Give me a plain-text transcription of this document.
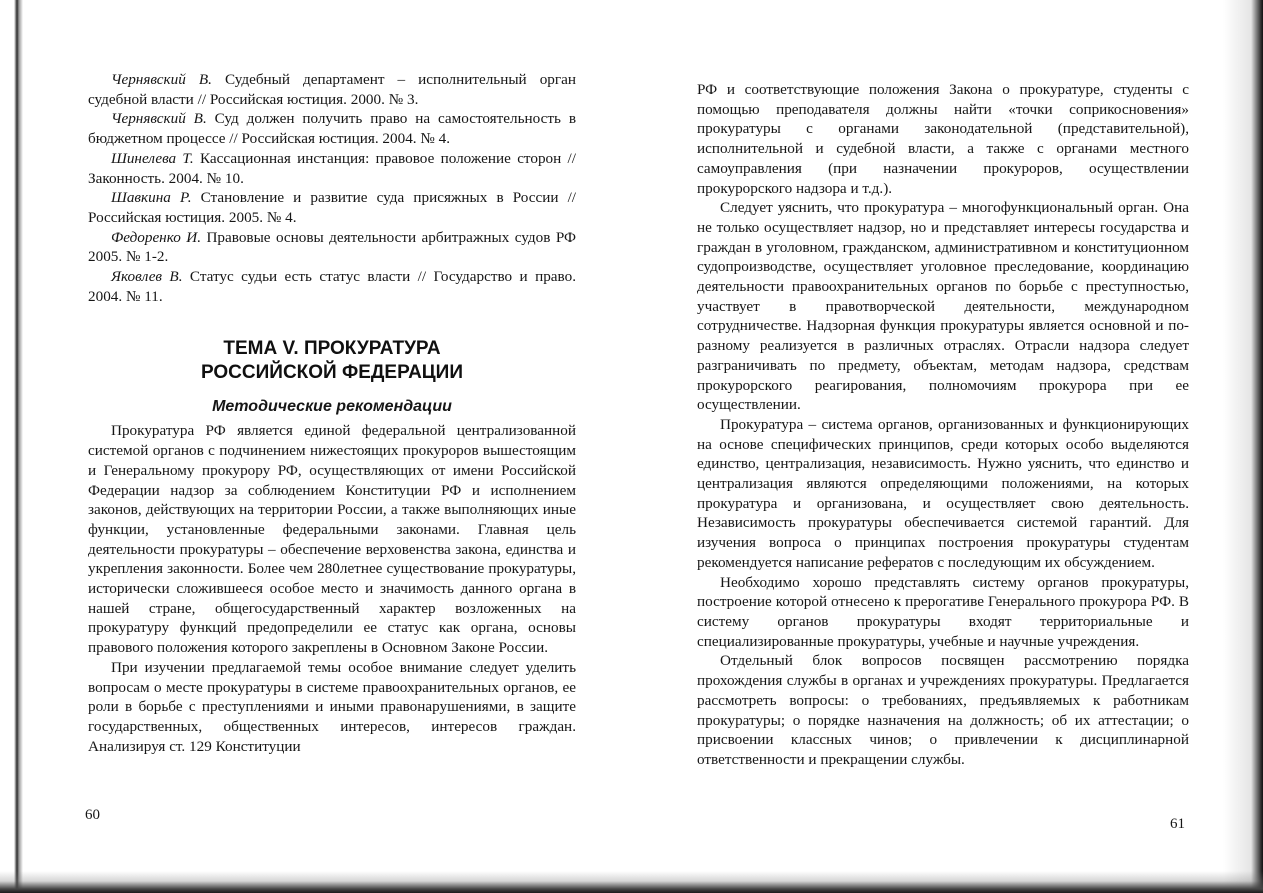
Чернявский В. Судебный департамент – исполнительный орган судебной власти // Российская юстиция. 2000. № 3.

Чернявский В. Суд должен получить право на самостоятельность в бюджетном процессе // Российская юстиция. 2004. № 4.

Шинелева Т. Кассационная инстанция: правовое положение сторон // Законность. 2004. № 10.

Шавкина Р. Становление и развитие суда присяжных в России // Российская юстиция. 2005. № 4.

Федоренко И. Правовые основы деятельности арбитражных судов РФ 2005. № 1-2.

Яковлев В. Статус судьи есть статус власти // Государство и право. 2004. № 11.

ТЕМА V. ПРОКУРАТУРА
РОССИЙСКОЙ ФЕДЕРАЦИИ
Методические рекомендации

Прокуратура РФ является единой федеральной централизованной системой органов с подчинением нижестоящих прокуроров вышестоящим и Генеральному прокурору РФ, осуществляющих от имени Российской Федерации надзор за соблюдением Конституции РФ и исполнением законов, действующих на территории России, а также выполняющих иные функции, установленные федеральными законами. Главная цель деятельности прокуратуры – обеспечение верховенства закона, единства и укрепления законности. Более чем 280летнее существование прокуратуры, исторически сложившееся особое место и значимость данного органа в нашей стране, общегосударственный характер возложенных на прокуратуру функций предопределили ее статус как органа, основы правового положения которого закреплены в Основном Законе России.

При изучении предлагаемой темы особое внимание следует уделить вопросам о месте прокуратуры в системе правоохранительных органов, ее роли в борьбе с преступлениями и иными правонарушениями, в защите государственных, общественных интересов, интересов граждан. Анализируя ст. 129 Конституции

60

РФ и соответствующие положения Закона о прокуратуре, студенты с помощью преподавателя должны найти «точки соприкосновения» прокуратуры с органами законодательной (представительной), исполнительной и судебной власти, а также с органами местного самоуправления (при назначении прокуроров, осуществлении прокурорского надзора и т.д.).

Следует уяснить, что прокуратура – многофункциональный орган. Она не только осуществляет надзор, но и представляет интересы государства и граждан в уголовном, гражданском, административном и конституционном судопроизводстве, осуществляет уголовное преследование, координацию деятельности правоохранительных органов по борьбе с преступностью, участвует в правотворческой деятельности, международном сотрудничестве. Надзорная функция прокуратуры является основной и по-разному реализуется в различных отраслях. Отрасли надзора следует разграничивать по предмету, объектам, методам надзора, средствам прокурорского реагирования, полномочиям прокурора при ее осуществлении.

Прокуратура – система органов, организованных и функционирующих на основе специфических принципов, среди которых особо выделяются единство, централизация, независимость. Нужно уяснить, что единство и централизация являются определяющими положениями, на которых прокуратура и организована, и осуществляет свою деятельность. Независимость прокуратуры обеспечивается системой гарантий. Для изучения вопроса о принципах построения прокуратуры студентам рекомендуется написание рефератов с последующим их обсуждением.

Необходимо хорошо представлять систему органов прокуратуры, построение которой отнесено к прерогативе Генерального прокурора РФ. В систему органов прокуратуры входят территориальные и специализированные прокуратуры, учебные и научные учреждения.

Отдельный блок вопросов посвящен рассмотрению порядка прохождения службы в органах и учреждениях прокуратуры. Предлагается рассмотреть вопросы: о требованиях, предъявляемых к работникам прокуратуры; о порядке назначения на должность; об их аттестации; о присвоении классных чинов; о привлечении к дисциплинарной ответственности и прекращении службы.

61
